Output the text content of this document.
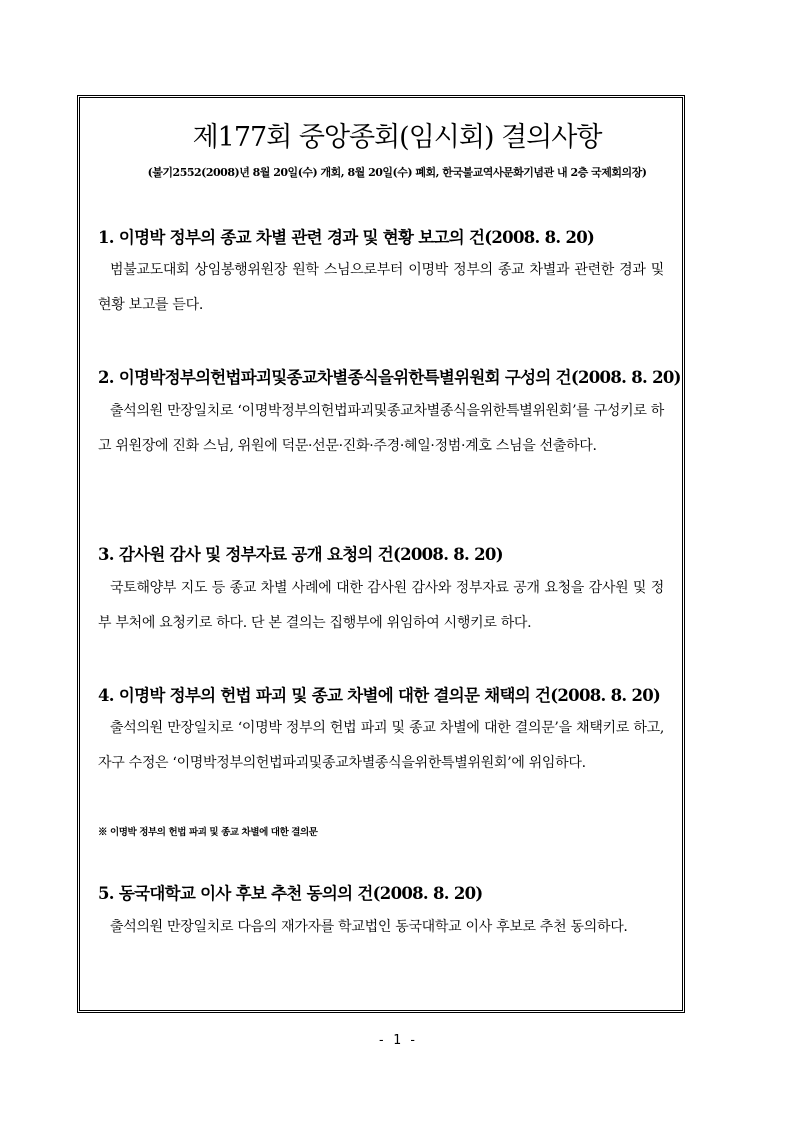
제177회 중앙종회(임시회) 결의사항
(불기2552(2008)년 8월 20일(수) 개회, 8월 20일(수) 폐회, 한국불교역사문화기념관 내 2층 국제회의장)
1. 이명박 정부의 종교 차별 관련 경과 및 현황 보고의 건(2008. 8. 20)
범불교도대회 상임봉행위원장 원학 스님으로부터 이명박 정부의 종교 차별과 관련한 경과 및 현황 보고를 듣다.
2. 이명박정부의헌법파괴및종교차별종식을위한특별위원회 구성의 건(2008. 8. 20)
출석의원 만장일치로 ‘이명박정부의헌법파괴및종교차별종식을위한특별위원회’를 구성키로 하고 위원장에 진화 스님, 위원에 덕문·선문·진화·주경·혜일·정범·계호 스님을 선출하다.
3. 감사원 감사 및 정부자료 공개 요청의 건(2008. 8. 20)
국토해양부 지도 등 종교 차별 사례에 대한 감사원 감사와 정부자료 공개 요청을 감사원 및 정부 부처에 요청키로 하다. 단 본 결의는 집행부에 위임하여 시행키로 하다.
4. 이명박 정부의 헌법 파괴 및 종교 차별에 대한 결의문 채택의 건(2008. 8. 20)
출석의원 만장일치로 ‘이명박 정부의 헌법 파괴 및 종교 차별에 대한 결의문’을 채택키로 하고, 자구 수정은 ‘이명박정부의헌법파괴및종교차별종식을위한특별위원회’에 위임하다.
※ 이명박 정부의 헌법 파괴 및 종교 차별에 대한 결의문
5. 동국대학교 이사 후보 추천 동의의 건(2008. 8. 20)
출석의원 만장일치로 다음의 재가자를 학교법인 동국대학교 이사 후보로 추천 동의하다.
- 1 -
